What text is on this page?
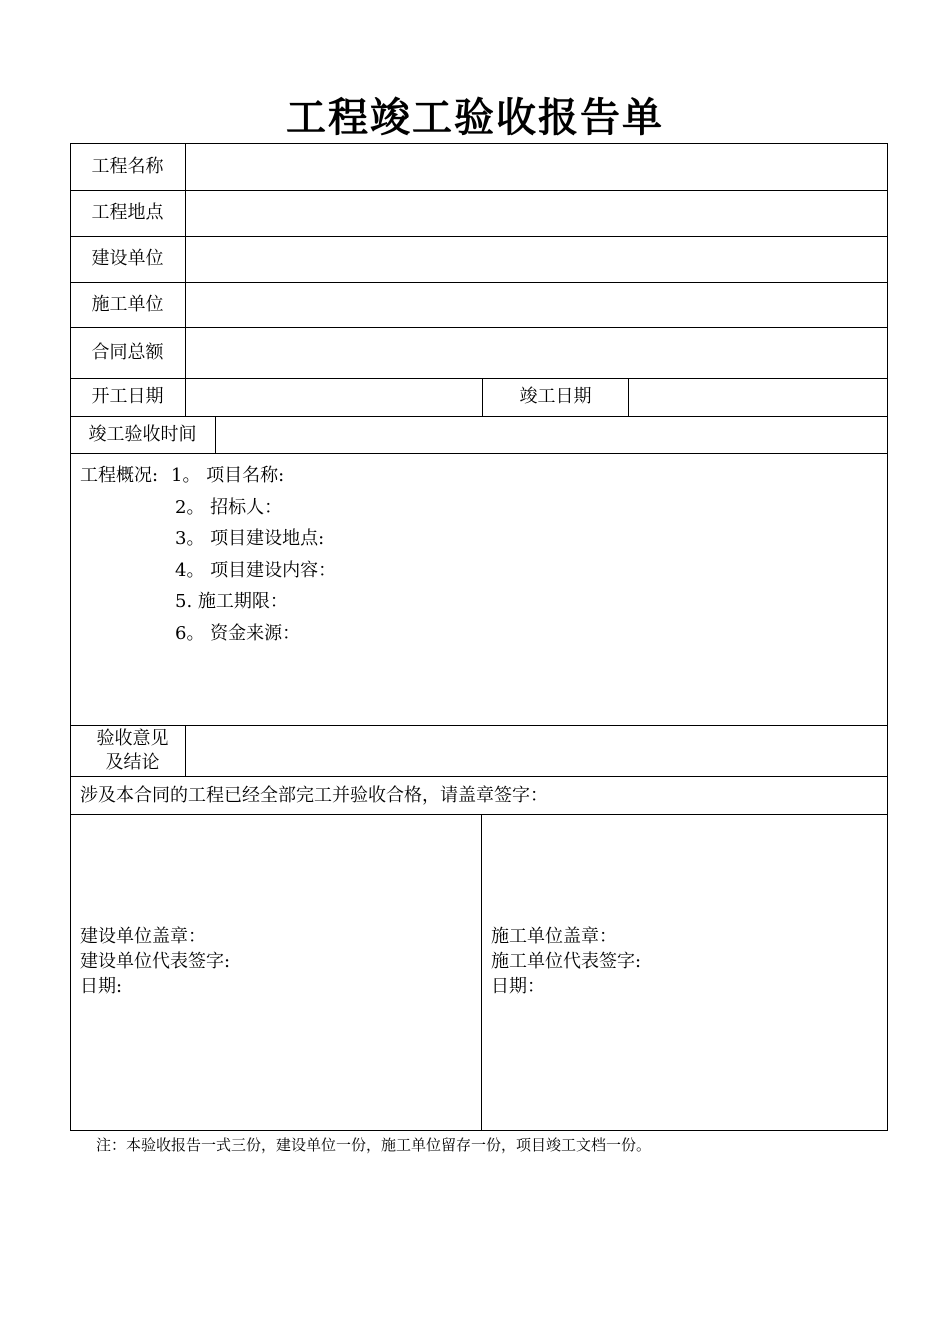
工程竣工验收报告单
工程名称
工程地点
建设单位
施工单位
合同总额
开工日期	竣工日期
竣工验收时间
工程概况: 1。 项目名称:
2。 招标人：
3。 项目建设地点:
4。 项目建设内容：
5. 施工期限：
6。 资金来源：
验收意见
及结论
涉及本合同的工程已经全部完工并验收合格，请盖章签字：
建设单位盖章：
建设单位代表签字:
日期:
施工单位盖章：
施工单位代表签字:
日期：
注：本验收报告一式三份，建设单位一份，施工单位留存一份，项目竣工文档一份。
